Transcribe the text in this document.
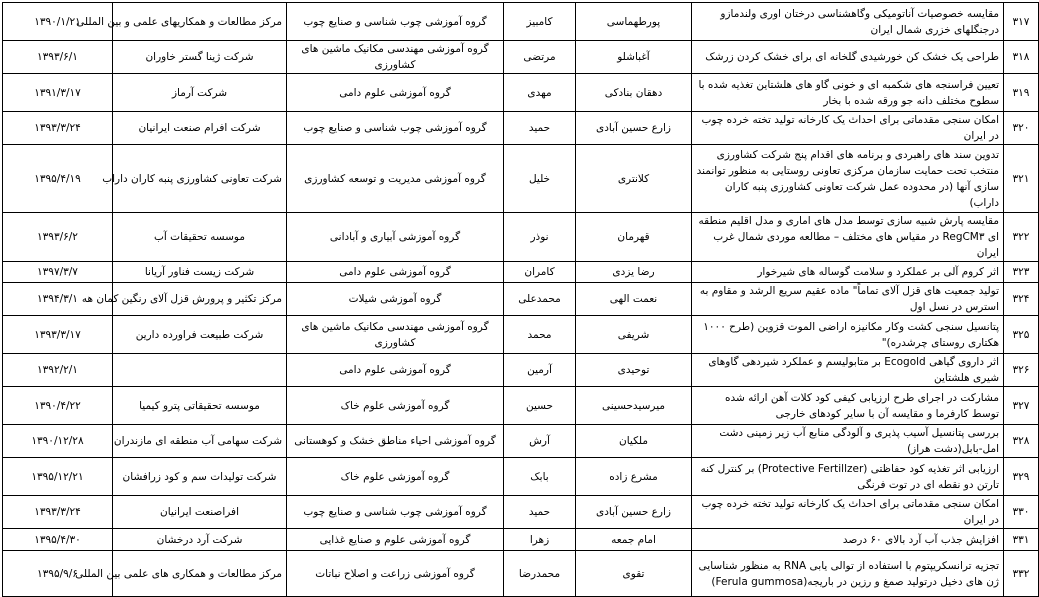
۳۱۷	مقایسه خصوصیات آناتومیکی وگاهشناسی درختان اوری ولندمازو درجنگلهای خزری شمال ایران	پورطهماسی	کامبیز	گروه آموزشی چوب شناسی و صنایع چوب	مرکز مطالعات و همکاریهای علمی و بین المللی	۱۳۹۰/۱/۲۱
۳۱۸	طراحی یک خشک کن خورشیدی گلخانه ای برای خشک کردن زرشک	آغباشلو	مرتضی	گروه آموزشی مهندسی مکانیک ماشین های کشاورزی	شرکت ژینا گستر خاوران	۱۳۹۳/۶/۱
۳۱۹	تعیین فراسنجه های شکمبه ای و خونی گاو های هلشتاین تغذیه شده با سطوح مختلف دانه جو ورقه شده با بخار	دهقان بنادکی	مهدی	گروه آموزشی علوم دامی	شرکت آرماز	۱۳۹۱/۳/۱۷
۳۲۰	امکان سنجی مقدماتی برای احداث یک کارخانه تولید تخته خرده چوب در ایران	زارع حسین آبادی	حمید	گروه آموزشی چوب شناسی و صنایع چوب	شرکت افرام صنعت ایرانیان	۱۳۹۳/۳/۲۴
۳۲۱	تدوین سند های راهبردی و برنامه های اقدام پنج شرکت کشاورزی منتخب تحت حمایت سازمان مرکزی تعاونی روستایی به منظور توانمند سازی آنها (در محدوده عمل شرکت تعاونی کشاورزی پنبه کاران داراب)	کلانتری	خلیل	گروه آموزشی مدیریت و توسعه کشاورزی	شرکت تعاونی کشاورزی پنبه کاران داراب	۱۳۹۵/۴/۱۹
۳۲۲	مقایسه پارش شبیه سازی توسط مدل های اماری و مدل اقلیم منطقه ای RegCM۳ در مقیاس های مختلف – مطالعه موردی شمال غرب ایران	قهرمان	نوذر	گروه آموزشی آبیاری و آبادانی	موسسه تحقیقات آب	۱۳۹۳/۶/۲
۳۲۳	اثر کروم آلی بر عملکرد و سلامت گوساله های شیرخوار	رضا یزدی	کامران	گروه آموزشی علوم دامی	شرکت زیست فناور آریانا	۱۳۹۷/۳/۷
۳۲۴	تولید جمعیت های قزل آلای تماماً" ماده عقیم سریع الرشد و مقاوم به استرس در نسل اول	نعمت الهی	محمدعلی	گروه آموزشی شیلات	مرکز تکثیر و پرورش قزل آلای رنگین کمان هه	۱۳۹۴/۳/۱
۳۲۵	پتانسیل سنجی کشت وکار مکانیزه اراضی الموت قزوین (طرح ۱۰۰۰ هکتاری روستای چرشدره)"	شریفی	محمد	گروه آموزشی مهندسی مکانیک ماشین های کشاورزی	شرکت طبیعت فراورده دارین	۱۳۹۳/۳/۱۷
۳۲۶	اثر داروی گیاهی Ecogold بر متابولیسم و عملکرد شیردهی گاوهای شیری هلشتاین	توحیدی	آرمین	گروه آموزشی علوم دامی		۱۳۹۲/۲/۱
۳۲۷	مشارکت در اجرای طرح ارزیابی کیفی کود کلات آهن ارائه شده توسط کارفرما و مقایسه آن با سایر کودهای خارجی	میرسیدحسینی	حسین	گروه آموزشی علوم خاک	موسسه تحقیقاتی پترو کیمیا	۱۳۹۰/۴/۲۲
۳۲۸	بررسی پتانسیل آسیب پذیری و آلودگی منابع آب زیر زمینی دشت امل-بابل(دشت هراز)	ملکیان	آرش	گروه آموزشی احیاء مناطق خشک و کوهستانی	شرکت سهامی آب منطقه ای مازندران	۱۳۹۰/۱۲/۲۸
۳۲۹	ارزیابی اثر تغذیه کود حفاظتی (Protective Fertillzer) بر کنترل کنه تارتن دو نقطه ای در توت فرنگی	مشرع زاده	بابک	گروه آموزشی علوم خاک	شرکت تولیدات سم و کود زرافشان	۱۳۹۵/۱۲/۲۱
۳۳۰	امکان سنجی مقدماتی برای احداث یک کارخانه تولید تخته خرده چوب در ایران	زارع حسین آبادی	حمید	گروه آموزشی چوب شناسی و صنایع چوب	افراصنعت ایرانیان	۱۳۹۳/۳/۲۴
۳۳۱	افزایش جذب آب آرد بالای ۶۰ درصد	امام جمعه	زهرا	گروه آموزشی علوم و صنایع غذایی	شرکت آرد درخشان	۱۳۹۵/۴/۳۰
۳۳۲	تجزیه ترانسکریپتوم با استفاده از توالی یابی RNA به منظور شناسایی ژن های دخیل درتولید صمغ و رزین در باریجه(Ferula gummosa)	تقوی	محمدرضا	گروه آموزشی زراعت و اصلاح نباتات	مرکز مطالعات و همکاری های علمی بین المللی	۱۳۹۵/۹/۶
